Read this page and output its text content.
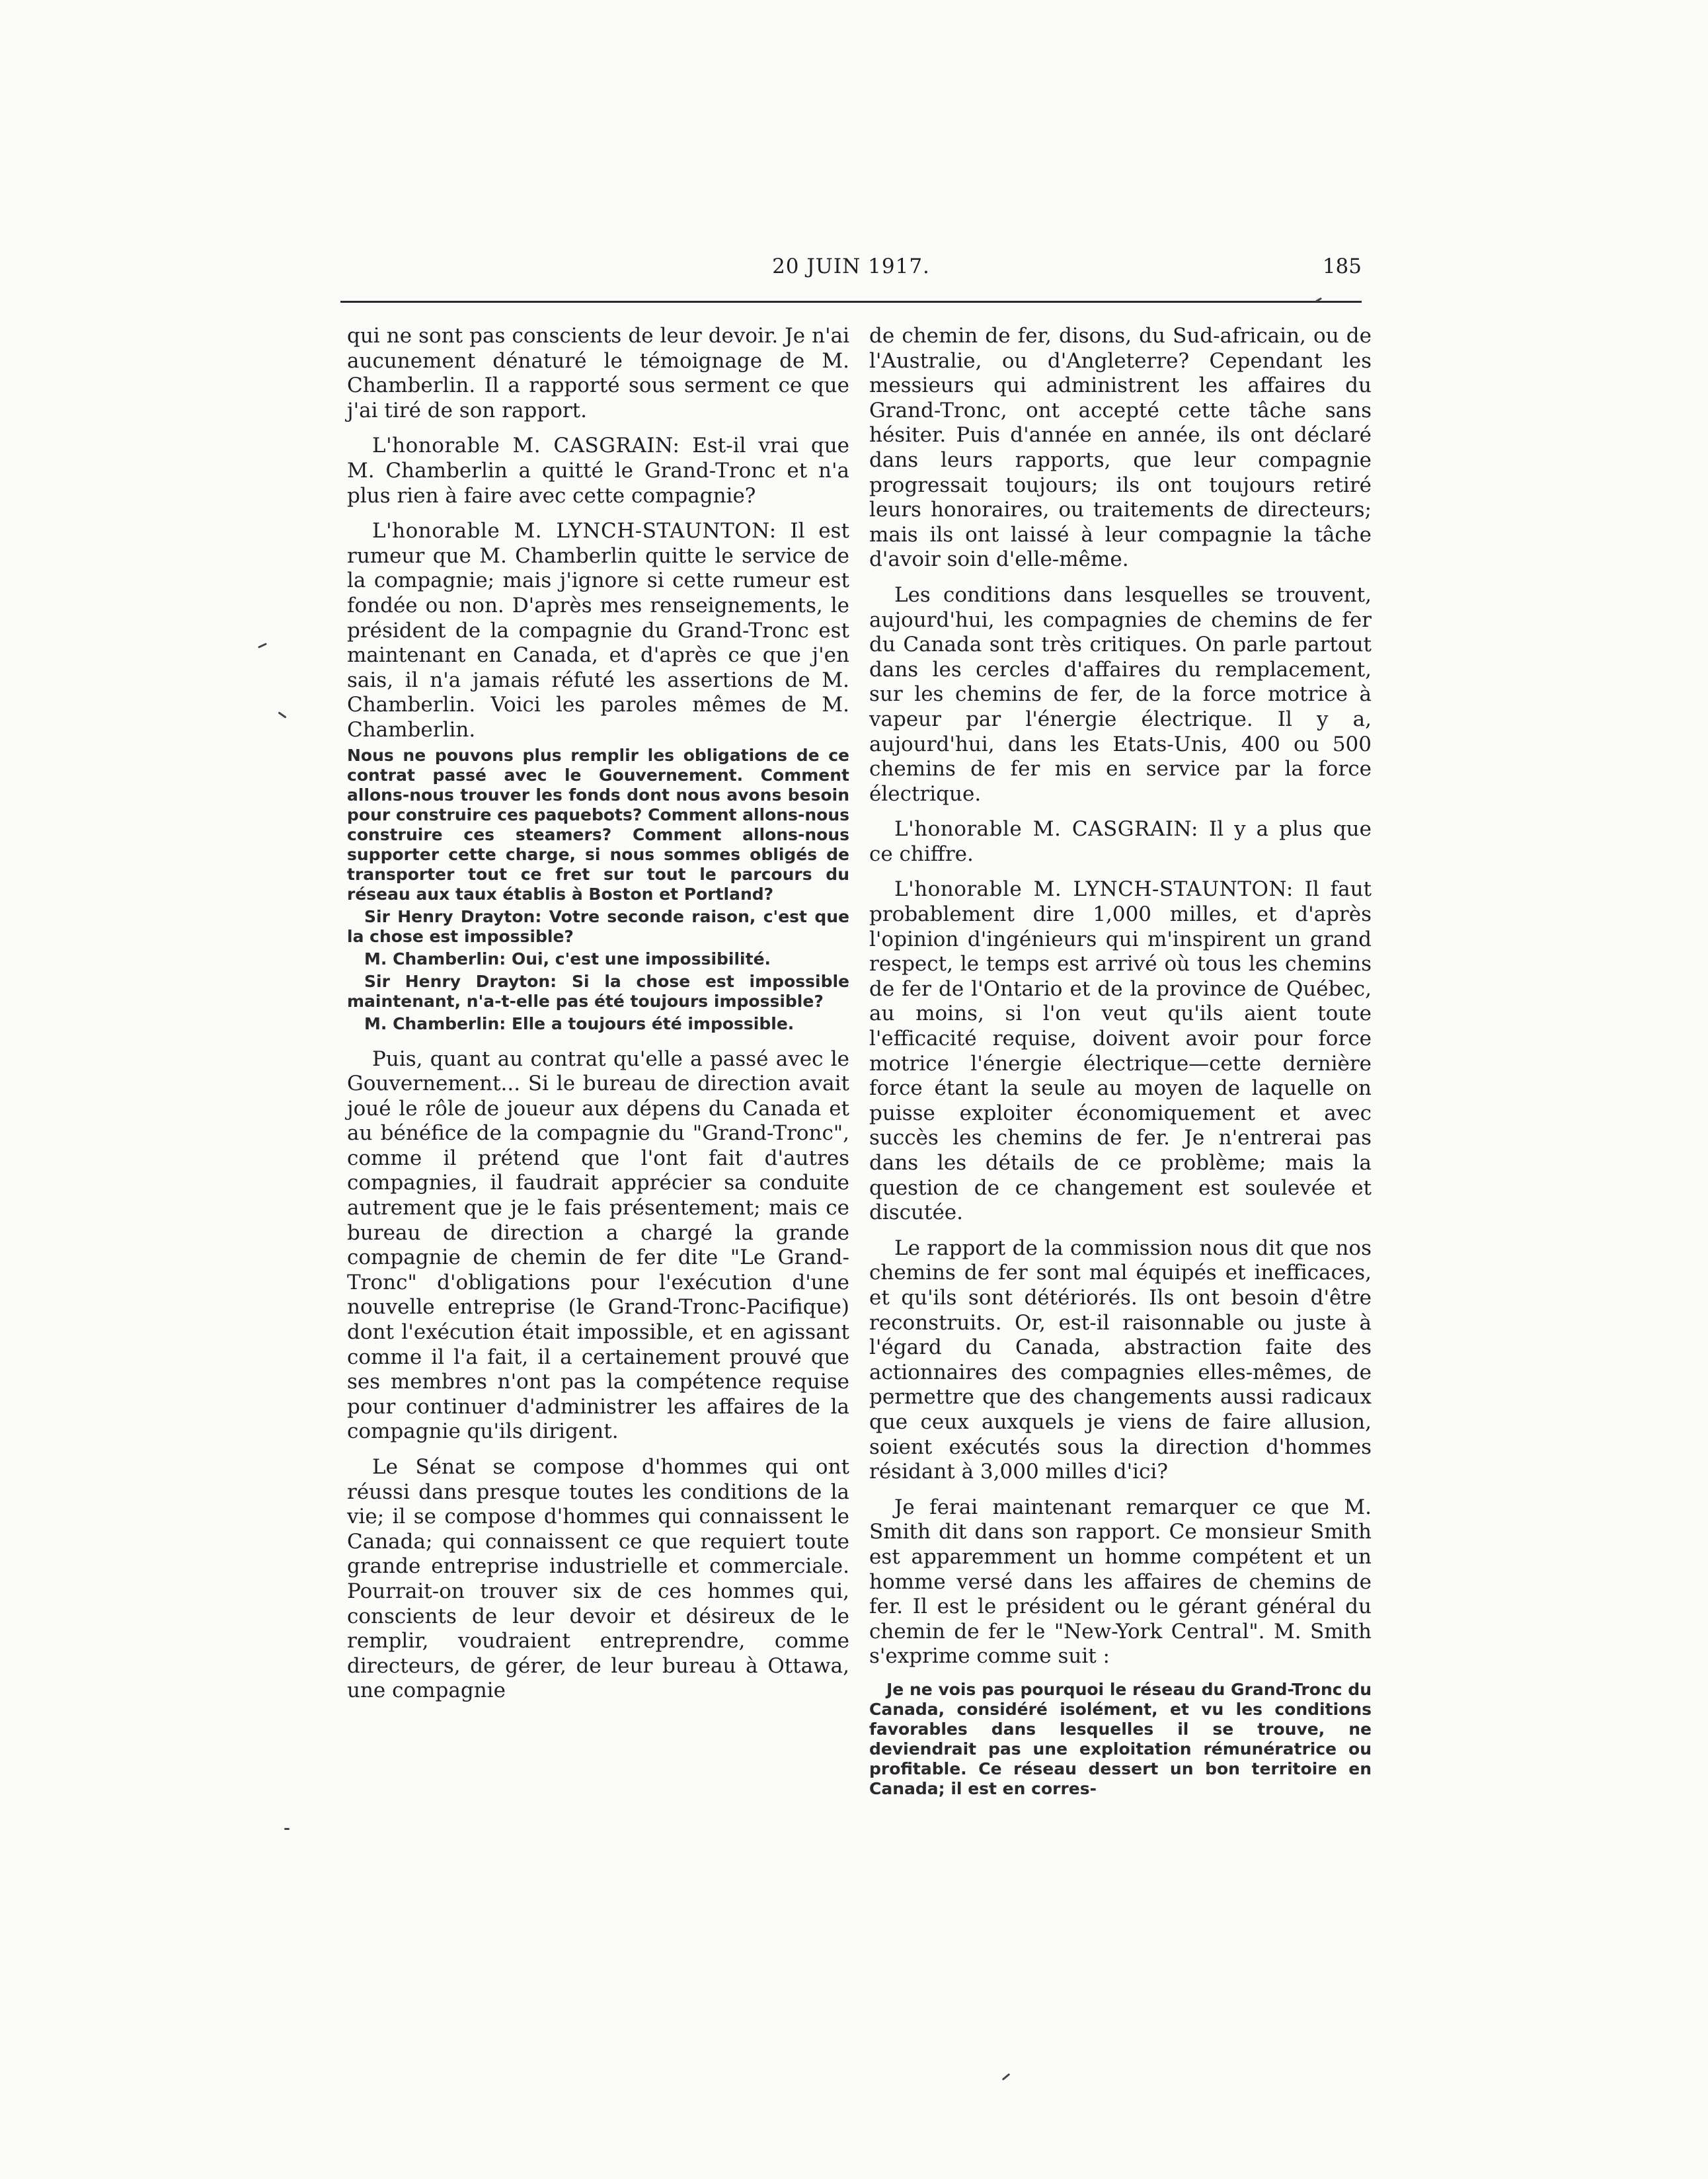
20 JUIN 1917.	185

qui ne sont pas conscients de leur devoir. Je n'ai aucunement dénaturé le témoignage de M. Chamberlin. Il a rapporté sous serment ce que j'ai tiré de son rapport.

L'honorable M. CASGRAIN: Est-il vrai que M. Chamberlin a quitté le Grand-Tronc et n'a plus rien à faire avec cette compagnie?

L'honorable M. LYNCH-STAUNTON: Il est rumeur que M. Chamberlin quitte le service de la compagnie; mais j'ignore si cette rumeur est fondée ou non. D'après mes renseignements, le président de la compagnie du Grand-Tronc est maintenant en Canada, et d'après ce que j'en sais, il n'a jamais réfuté les assertions de M. Chamberlin. Voici les paroles mêmes de M. Chamberlin.

Nous ne pouvons plus remplir les obligations de ce contrat passé avec le Gouvernement. Comment allons-nous trouver les fonds dont nous avons besoin pour construire ces paquebots? Comment allons-nous construire ces steamers? Comment allons-nous supporter cette charge, si nous sommes obligés de transporter tout ce fret sur tout le parcours du réseau aux taux établis à Boston et Portland?
Sir Henry Drayton: Votre seconde raison, c'est que la chose est impossible?
M. Chamberlin: Oui, c'est une impossibilité.
Sir Henry Drayton: Si la chose est impossible maintenant, n'a-t-elle pas été toujours impossible?
M. Chamberlin: Elle a toujours été impossible.

Puis, quant au contrat qu'elle a passé avec le Gouvernement... Si le bureau de direction avait joué le rôle de joueur aux dépens du Canada et au bénéfice de la compagnie du "Grand-Tronc", comme il prétend que l'ont fait d'autres compagnies, il faudrait apprécier sa conduite autrement que je le fais présentement; mais ce bureau de direction a chargé la grande compagnie de chemin de fer dite "Le Grand-Tronc" d'obligations pour l'exécution d'une nouvelle entreprise (le Grand-Tronc-Pacifique) dont l'exécution était impossible, et en agissant comme il l'a fait, il a certainement prouvé que ses membres n'ont pas la compétence requise pour continuer d'administrer les affaires de la compagnie qu'ils dirigent.

Le Sénat se compose d'hommes qui ont réussi dans presque toutes les conditions de la vie; il se compose d'hommes qui connaissent le Canada; qui connaissent ce que requiert toute grande entreprise industrielle et commerciale. Pourrait-on trouver six de ces hommes qui, conscients de leur devoir et désireux de le remplir, voudraient entreprendre, comme directeurs, de gérer, de leur bureau à Ottawa, une compagnie

de chemin de fer, disons, du Sud-africain, ou de l'Australie, ou d'Angleterre? Cependant les messieurs qui administrent les affaires du Grand-Tronc, ont accepté cette tâche sans hésiter. Puis d'année en année, ils ont déclaré dans leurs rapports, que leur compagnie progressait toujours; ils ont toujours retiré leurs honoraires, ou traitements de directeurs; mais ils ont laissé à leur compagnie la tâche d'avoir soin d'elle-même.

Les conditions dans lesquelles se trouvent, aujourd'hui, les compagnies de chemins de fer du Canada sont très critiques. On parle partout dans les cercles d'affaires du remplacement, sur les chemins de fer, de la force motrice à vapeur par l'énergie électrique. Il y a, aujourd'hui, dans les Etats-Unis, 400 ou 500 chemins de fer mis en service par la force électrique.

L'honorable M. CASGRAIN: Il y a plus que ce chiffre.

L'honorable M. LYNCH-STAUNTON: Il faut probablement dire 1,000 milles, et d'après l'opinion d'ingénieurs qui m'inspirent un grand respect, le temps est arrivé où tous les chemins de fer de l'Ontario et de la province de Québec, au moins, si l'on veut qu'ils aient toute l'efficacité requise, doivent avoir pour force motrice l'énergie électrique—cette dernière force étant la seule au moyen de laquelle on puisse exploiter économiquement et avec succès les chemins de fer. Je n'entrerai pas dans les détails de ce problème; mais la question de ce changement est soulevée et discutée.

Le rapport de la commission nous dit que nos chemins de fer sont mal équipés et inefficaces, et qu'ils sont détériorés. Ils ont besoin d'être reconstruits. Or, est-il raisonnable ou juste à l'égard du Canada, abstraction faite des actionnaires des compagnies elles-mêmes, de permettre que des changements aussi radicaux que ceux auxquels je viens de faire allusion, soient exécutés sous la direction d'hommes résidant à 3,000 milles d'ici?

Je ferai maintenant remarquer ce que M. Smith dit dans son rapport. Ce monsieur Smith est apparemment un homme compétent et un homme versé dans les affaires de chemins de fer. Il est le président ou le gérant général du chemin de fer le "New-York Central". M. Smith s'exprime comme suit :

Je ne vois pas pourquoi le réseau du Grand-Tronc du Canada, considéré isolément, et vu les conditions favorables dans lesquelles il se trouve, ne deviendrait pas une exploitation rémunératrice ou profitable. Ce réseau dessert un bon territoire en Canada; il est en corres-
